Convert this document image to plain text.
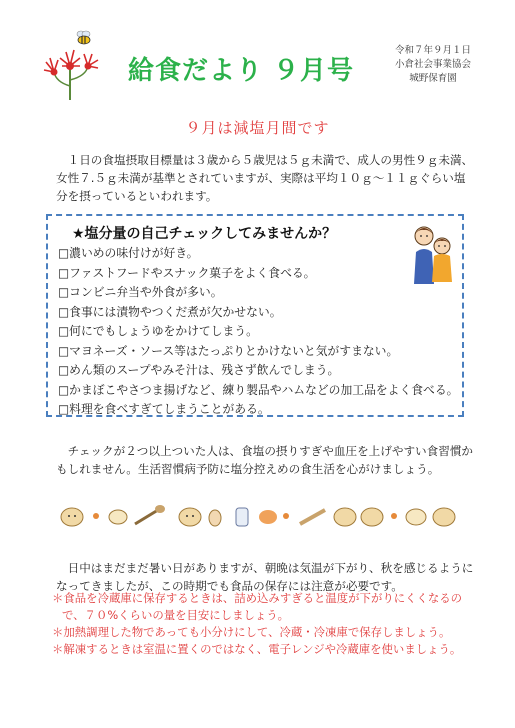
給食だより ９月号
令和７年９月１日
小倉社会事業協会
城野保育園
９月は減塩月間です
１日の食塩摂取目標量は３歳から５歳児は５ｇ未満で、成人の男性９ｇ未満、女性７.５ｇ未満が基準とされていますが、実際は平均１０ｇ～１１ｇぐらい塩分を摂っているといわれます。
★塩分量の自己チェックしてみませんか？
□濃いめの味付けが好き。
□ファストフードやスナック菓子をよく食べる。
□コンビニ弁当や外食が多い。
□食事には漬物やつくだ煮が欠かせない。
□何にでもしょうゆをかけてしまう。
□マヨネーズ・ソース等はたっぷりとかけないと気がすまない。
□めん類のスープやみそ汁は、残さず飲んでしまう。
□かまぼこやさつま揚げなど、練り製品やハムなどの加工品をよく食べる。
□料理を食べすぎてしまうことがある。
チェックが２つ以上ついた人は、食塩の摂りすぎや血圧を上げやすい食習慣かもしれません。生活習慣病予防に塩分控えめの食生活を心がけましょう。
日中はまだまだ暑い日がありますが、朝晩は気温が下がり、秋を感じるようになってきましたが、この時期でも食品の保存には注意が必要です。
＊食品を冷蔵庫に保存するときは、詰め込みすぎると温度が下がりにくくなるので、７０%くらいの量を目安にしましょう。
＊加熱調理した物であっても小分けにして、冷蔵・冷凍庫で保存しましょう。
＊解凍するときは室温に置くのではなく、電子レンジや冷蔵庫を使いましょう。
